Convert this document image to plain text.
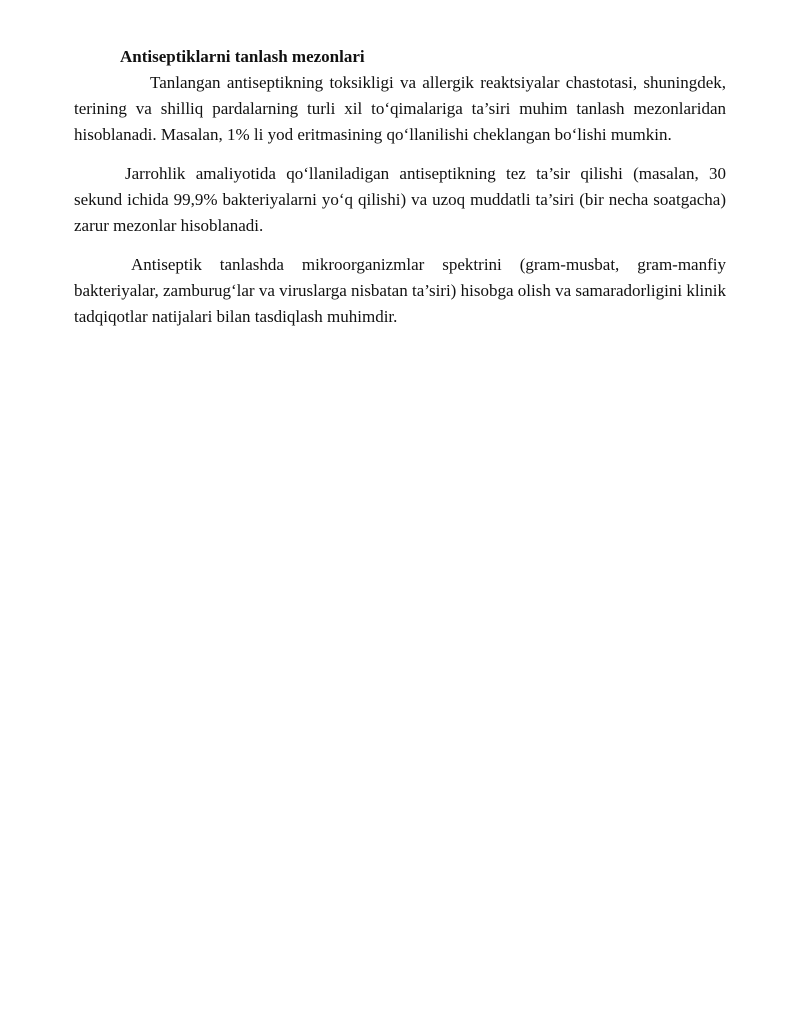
Antiseptiklarni tanlash mezonlari

Tanlangan antiseptikning toksikligi va allergik reaktsiyalar chastotasi, shuningdek, terining va shilliq pardalarning turli xil to‘qimalariga ta’siri muhim tanlash mezonlaridan hisoblanadi. Masalan, 1% li yod eritmasining qo‘llanilishi cheklangan bo‘lishi mumkin.

Jarrohlik amaliyotida qo‘llaniladigan antiseptikning tez ta’sir qilishi (masalan, 30 sekund ichida 99,9% bakteriyalarni yo‘q qilishi) va uzoq muddatli ta’siri (bir necha soatgacha) zarur mezonlar hisoblanadi.

Antiseptik tanlashda mikroorganizmlar spektrini (gram-musbat, gram-manfiy bakteriyalar, zamburug‘lar va viruslarga nisbatan ta’siri) hisobga olish va samaradorligini klinik tadqiqotlar natijalari bilan tasdiqlash muhimdir.
